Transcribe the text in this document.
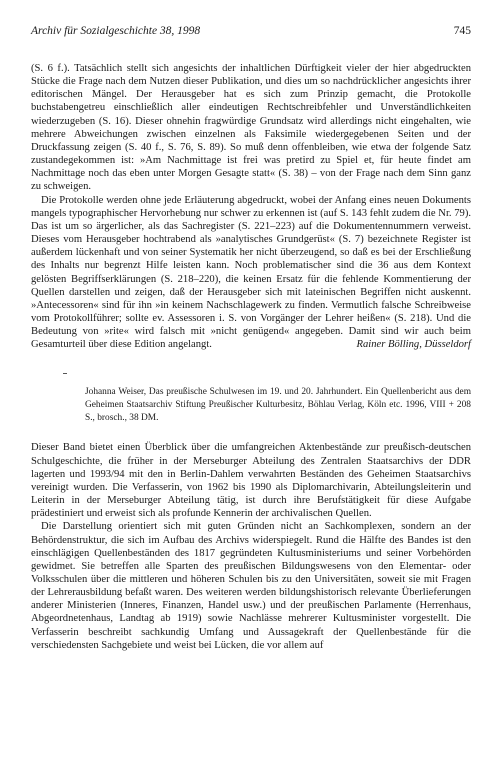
Archiv für Sozialgeschichte 38, 1998	745

(S. 6 f.). Tatsächlich stellt sich angesichts der inhaltlichen Dürftigkeit vieler der hier abgedruckten Stücke die Frage nach dem Nutzen dieser Publikation, und dies um so nachdrücklicher angesichts ihrer editorischen Mängel. Der Herausgeber hat es sich zum Prinzip gemacht, die Protokolle buchstabengetreu einschließlich aller eindeutigen Rechtschreibfehler und Unverständlichkeiten wiederzugeben (S. 16). Dieser ohnehin fragwürdige Grundsatz wird allerdings nicht eingehalten, wie mehrere Abweichungen zwischen einzelnen als Faksimile wiedergegebenen Seiten und der Druckfassung zeigen (S. 40 f., S. 76, S. 89). So muß denn offenbleiben, wie etwa der folgende Satz zustandegekommen ist: »Am Nachmittage ist frei was pretird zu Spiel et, für heute findet am Nachmittage noch das eben unter Morgen Gesagte statt« (S. 38) – von der Frage nach dem Sinn ganz zu schweigen.

Die Protokolle werden ohne jede Erläuterung abgedruckt, wobei der Anfang eines neuen Dokuments mangels typographischer Hervorhebung nur schwer zu erkennen ist (auf S. 143 fehlt zudem die Nr. 79). Das ist um so ärgerlicher, als das Sachregister (S. 221–223) auf die Dokumentennummern verweist. Dieses vom Herausgeber hochtrabend als »analytisches Grundgerüst« (S. 7) bezeichnete Register ist außerdem lückenhaft und von seiner Systematik her nicht überzeugend, so daß es bei der Erschließung des Inhalts nur begrenzt Hilfe leisten kann. Noch problematischer sind die 36 aus dem Kontext gelösten Begriffserklärungen (S. 218–220), die keinen Ersatz für die fehlende Kommentierung der Quellen darstellen und zeigen, daß der Herausgeber sich mit lateinischen Begriffen nicht auskennt. »Antecessoren« sind für ihn »in keinem Nachschlagewerk zu finden. Vermutlich falsche Schreibweise vom Protokollführer; sollte ev. Assessoren i. S. von Vorgänger der Lehrer heißen« (S. 218). Und die Bedeutung von »rite« wird falsch mit »nicht genügend« angegeben. Damit sind wir auch beim Gesamturteil über diese Edition angelangt.	Rainer Bölling, Düsseldorf
Johanna Weiser, Das preußische Schulwesen im 19. und 20. Jahrhundert. Ein Quellenbericht aus dem Geheimen Staatsarchiv Stiftung Preußischer Kulturbesitz, Böhlau Verlag, Köln etc. 1996, VIII + 208 S., brosch., 38 DM.

Dieser Band bietet einen Überblick über die umfangreichen Aktenbestände zur preußisch-deutschen Schulgeschichte, die früher in der Merseburger Abteilung des Zentralen Staatsarchivs der DDR lagerten und 1993/94 mit den in Berlin-Dahlem verwahrten Beständen des Geheimen Staatsarchivs vereinigt wurden. Die Verfasserin, von 1962 bis 1990 als Diplomarchivarin, Abteilungsleiterin und Leiterin in der Merseburger Abteilung tätig, ist durch ihre Berufstätigkeit für diese Aufgabe prädestiniert und erweist sich als profunde Kennerin der archivalischen Quellen.

Die Darstellung orientiert sich mit guten Gründen nicht an Sachkomplexen, sondern an der Behördenstruktur, die sich im Aufbau des Archivs widerspiegelt. Rund die Hälfte des Bandes ist den einschlägigen Quellenbeständen des 1817 gegründeten Kultusministeriums und seiner Vorbehörden gewidmet. Sie betreffen alle Sparten des preußischen Bildungswesens von den Elementar- oder Volksschulen über die mittleren und höheren Schulen bis zu den Universitäten, soweit sie mit Fragen der Lehrerausbildung befaßt waren. Des weiteren werden bildungshistorisch relevante Überlieferungen anderer Ministerien (Inneres, Finanzen, Handel usw.) und der preußischen Parlamente (Herrenhaus, Abgeordnetenhaus, Landtag ab 1919) sowie Nachlässe mehrerer Kultusminister vorgestellt. Die Verfasserin beschreibt sachkundig Umfang und Aussagekraft der Quellenbestände für die verschiedensten Sachgebiete und weist bei Lücken, die vor allem auf
